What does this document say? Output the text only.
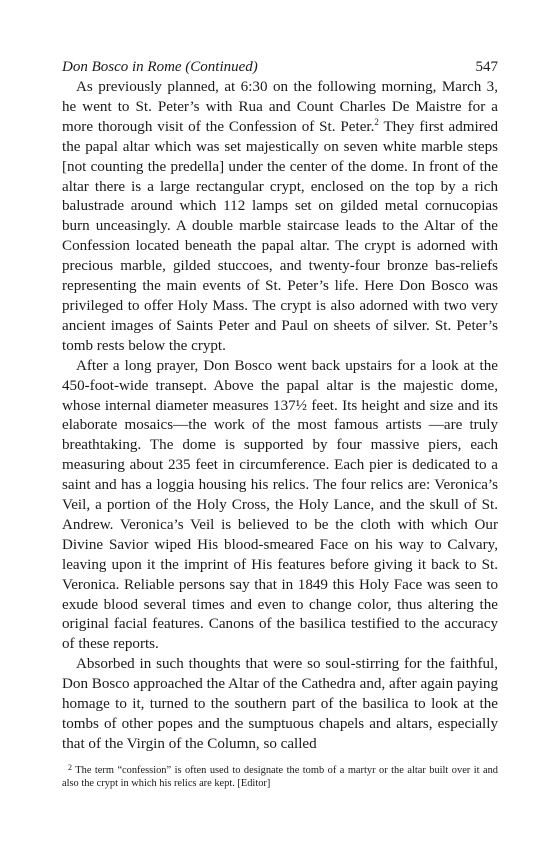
Don Bosco in Rome (Continued)	547

As previously planned, at 6:30 on the following morning, March 3, he went to St. Peter’s with Rua and Count Charles De Maistre for a more thorough visit of the Confession of St. Peter.$^2$ They first admired the papal altar which was set majestically on seven white marble steps [not counting the predella] under the center of the dome. In front of the altar there is a large rectangular crypt, enclosed on the top by a rich balustrade around which 112 lamps set on gilded metal cornucopias burn unceasingly. A double marble staircase leads to the Altar of the Confession located beneath the papal altar. The crypt is adorned with precious marble, gilded stuccoes, and twenty-four bronze bas-reliefs representing the main events of St. Peter’s life. Here Don Bosco was privileged to offer Holy Mass. The crypt is also adorned with two very ancient images of Saints Peter and Paul on sheets of silver. St. Peter’s tomb rests below the crypt.

After a long prayer, Don Bosco went back upstairs for a look at the 450-foot-wide transept. Above the papal altar is the majestic dome, whose internal diameter measures 137½ feet. Its height and size and its elaborate mosaics—the work of the most famous artists —are truly breathtaking. The dome is supported by four massive piers, each measuring about 235 feet in circumference. Each pier is dedicated to a saint and has a loggia housing his relics. The four relics are: Veronica’s Veil, a portion of the Holy Cross, the Holy Lance, and the skull of St. Andrew. Veronica’s Veil is believed to be the cloth with which Our Divine Savior wiped His blood-smeared Face on his way to Calvary, leaving upon it the imprint of His features before giving it back to St. Veronica. Reliable persons say that in 1849 this Holy Face was seen to exude blood several times and even to change color, thus altering the original facial features. Canons of the basilica testified to the accuracy of these reports.

Absorbed in such thoughts that were so soul-stirring for the faithful, Don Bosco approached the Altar of the Cathedra and, after again paying homage to it, turned to the southern part of the basilica to look at the tombs of other popes and the sumptuous chapels and altars, especially that of the Virgin of the Column, so called

$^2$ The term “confession” is often used to designate the tomb of a martyr or the altar built over it and also the crypt in which his relics are kept. [Editor]
